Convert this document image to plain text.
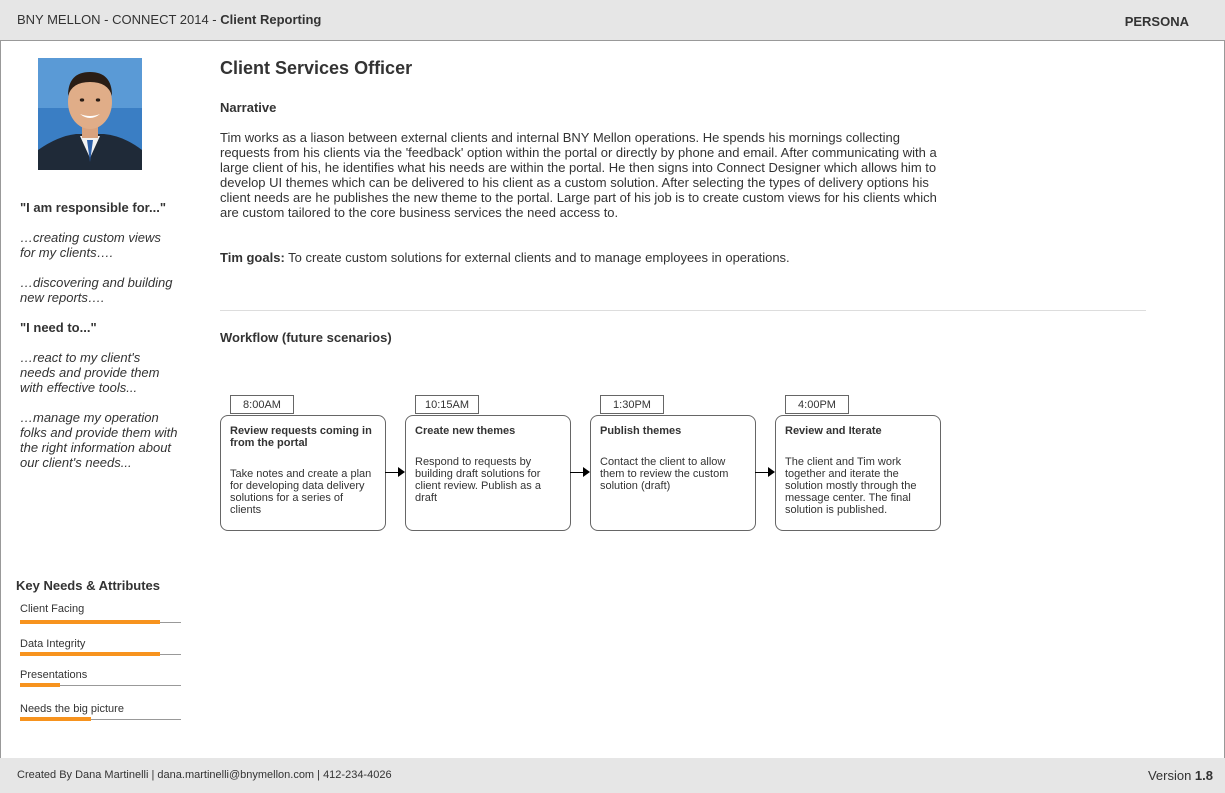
BNY MELLON - CONNECT 2014 - Client Reporting	PERSONA
"I am responsible for..."
…creating custom views for my clients….
…discovering and building new reports….
"I need to..."
…react to my client's needs and provide them with effective tools...
…manage my operation folks and provide them with the right information about our client's needs...
Key Needs & Attributes
Client Facing
Data Integrity
Presentations
Needs the big picture
Client Services Officer
Narrative
Tim works as a liason between external clients and internal BNY Mellon operations. He spends his mornings collecting requests from his clients via the 'feedback' option within the portal or directly by phone and email. After communicating with a large client of his, he identifies what his needs are within the portal. He then signs into Connect Designer which allows him to develop UI themes which can be delivered to his client as a custom solution. After selecting the types of delivery options his client needs are he publishes the new theme to the portal. Large part of his job is to create custom views for his clients which are custom tailored to the core business services the need access to.
Tim goals: To create custom solutions for external clients and to manage employees in operations.
Workflow (future scenarios)
8:00AM
Review requests coming in from the portal
Take notes and create a plan for developing data delivery solutions for a series of clients
10:15AM
Create new themes
Respond to requests by building draft solutions for client review. Publish as a draft
1:30PM
Publish themes
Contact the client to allow them to review the custom solution (draft)
4:00PM
Review and Iterate
The client and Tim work together and iterate the solution mostly through the message center. The final solution is published.
Created By Dana Martinelli | dana.martinelli@bnymellon.com | 412-234-4026	Version 1.8
